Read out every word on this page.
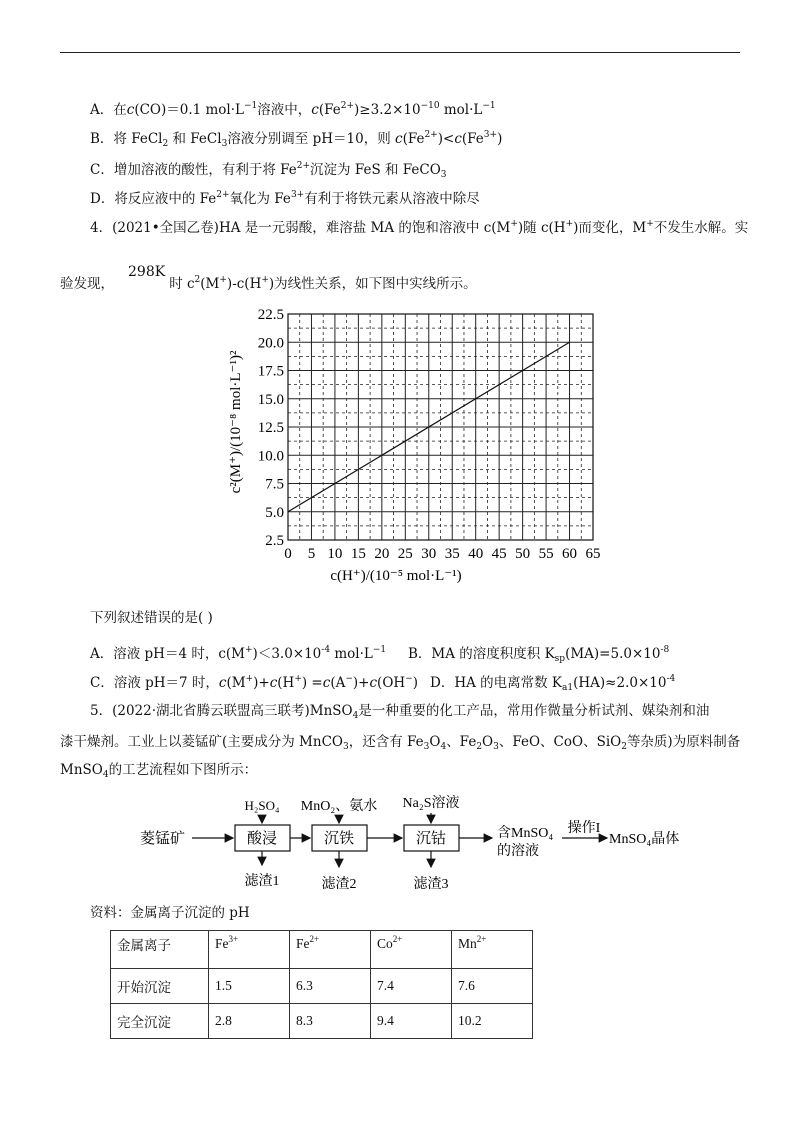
A．在c(CO)＝0.1 $mol\cdot L^{-1}$溶液中，$c(Fe^{2+})\ge 3.2\times 10^{-10}$ $mol\cdot L^{-1}$
B．将 FeCl$_2$ 和 FeCl$_3$溶液分别调至 pH＝10，则 $c(Fe^{2+})<c(Fe^{3+})$
C．增加溶液的酸性，有利于将 $Fe^{2+}$沉淀为 FeS 和 FeCO$_3$
D．将反应液中的 $Fe^{2+}$氧化为 $Fe^{3+}$有利于将铁元素从溶液中除尽
4．(2021•全国乙卷)HA 是一元弱酸，难溶盐 MA 的饱和溶液中 c(M+)随 c(H+)而变化，M+不发生水解。实
验发现，298K时 $c^2(M^+)-c(H^+)$为线性关系，如下图中实线所示。
0 5 10 15 20 25 30 35 40 45 50 55 60 65
2.5
5.0
7.5
10.0
12.5
15.0
17.5
20.0
22.5
c(H⁺)/(10⁻⁵ mol·L⁻¹)
c²(M⁺)/(10⁻⁸ mol·L⁻¹)²
下列叙述错误的是( )
A．溶液 pH＝4 时，$c(M^+)<3.0\times 10^{-4}$ $mol\cdot L^{-1}$ B．MA 的溶度积度积 $K_{sp}(MA)=5.0\times 10^{-8}$
C．溶液 pH＝7 时，c(M+)+c(H+) =c(A−)+c(OH−) D．HA 的电离常数 $K_{a1}(HA)\approx 2.0\times 10^{-4}$
5．(2022·湖北省腾云联盟高三联考)MnSO$_4$是一种重要的化工产品，常用作微量分析试剂、媒染剂和油
漆干燥剂。工业上以菱锰矿(主要成分为 MnCO$_3$，还含有 $Fe_3O_4$、$Fe_2O_3$、FeO、CoO、SiO$_2$等杂质)为原料制备
MnSO$_4$的工艺流程如下图所示：
菱锰矿	酸浸
H₂SO₄
滤渣1
沉铁
MnO₂、氨水
滤渣2
沉钴
Na₂S溶液
滤渣3
含MnSO₄
的溶液
操作I
MnSO₄晶体
资料：金属离子沉淀的 pH
金属离子	$Fe^{3+}$	$Fe^{2+}$	$Co^{2+}$	$Mn^{2+}$
开始沉淀	1.5	6.3	7.4	7.6
完全沉淀	2.8	8.3	9.4	10.2
